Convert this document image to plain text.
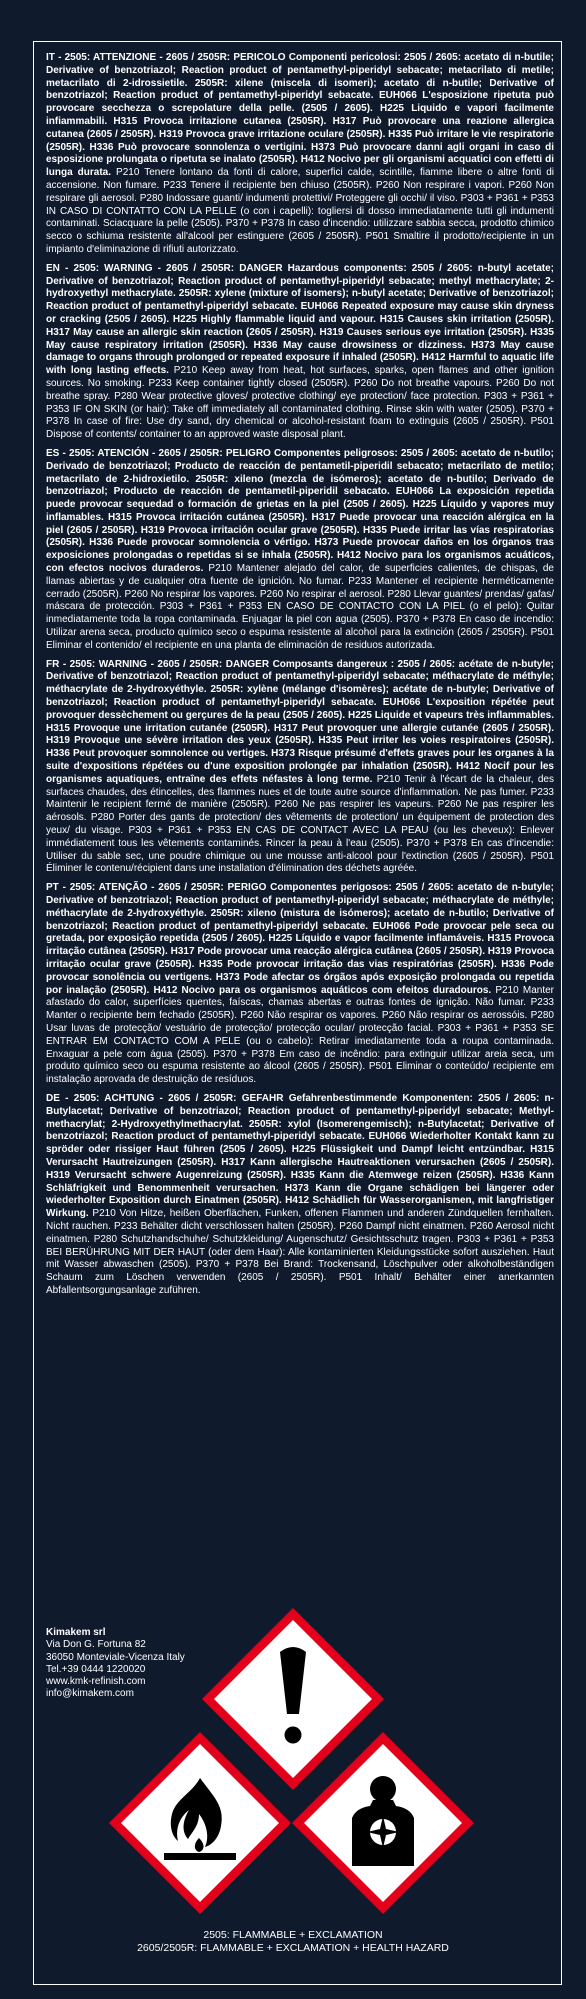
IT - 2505: ATTENZIONE - 2605 / 2505R: PERICOLO Componenti pericolosi: 2505 / 2605: acetato di n-butile; Derivative of benzotriazol; Reaction product of pentamethyl-piperidyl sebacate; metacrilato di metile; metacrilato di 2-idrossietile. 2505R: xilene (miscela di isomeri); acetato di n-butile; Derivative of benzotriazol; Reaction product of pentamethyl-piperidyl sebacate. EUH066 L'esposizione ripetuta può provocare secchezza o screpolature della pelle. (2505 / 2605). H225 Liquido e vapori facilmente infiammabili. H315 Provoca irritazione cutanea (2505R). H317 Può provocare una reazione allergica cutanea (2605 / 2505R). H319 Provoca grave irritazione oculare (2505R). H335 Può irritare le vie respiratorie (2505R). H336 Può provocare sonnolenza o vertigini. H373 Può provocare danni agli organi in caso di esposizione prolungata o ripetuta se inalato (2505R). H412 Nocivo per gli organismi acquatici con effetti di lunga durata. P210 Tenere lontano da fonti di calore, superfici calde, scintille, fiamme libere o altre fonti di accensione. Non fumare. P233 Tenere il recipiente ben chiuso (2505R). P260 Non respirare i vapori. P260 Non respirare gli aerosol. P280 Indossare guanti/ indumenti protettivi/ Proteggere gli occhi/ il viso. P303 + P361 + P353 IN CASO DI CONTATTO CON LA PELLE (o con i capelli): togliersi di dosso immediatamente tutti gli indumenti contaminati. Sciacquare la pelle (2505). P370 + P378 In caso d'incendio: utilizzare sabbia secca, prodotto chimico secco o schiuma resistente all'alcool per estinguere (2605 / 2505R). P501 Smaltire il prodotto/recipiente in un impianto d'eliminazione di rifiuti autorizzato.

EN - 2505: WARNING - 2605 / 2505R: DANGER Hazardous components: 2505 / 2605: n-butyl acetate; Derivative of benzotriazol; Reaction product of pentamethyl-piperidyl sebacate; methyl methacrylate; 2-hydroxyethyl methacrylate. 2505R: xylene (mixture of isomers); n-butyl acetate; Derivative of benzotriazol; Reaction product of pentamethyl-piperidyl sebacate. EUH066 Repeated exposure may cause skin dryness or cracking (2505 / 2605). H225 Highly flammable liquid and vapour. H315 Causes skin irritation (2505R). H317 May cause an allergic skin reaction (2605 / 2505R). H319 Causes serious eye irritation (2505R). H335 May cause respiratory irritation (2505R). H336 May cause drowsiness or dizziness. H373 May cause damage to organs through prolonged or repeated exposure if inhaled (2505R). H412 Harmful to aquatic life with long lasting effects. P210 Keep away from heat, hot surfaces, sparks, open flames and other ignition sources. No smoking. P233 Keep container tightly closed (2505R). P260 Do not breathe vapours. P260 Do not breathe spray. P280 Wear protective gloves/ protective clothing/ eye protection/ face protection. P303 + P361 + P353 IF ON SKIN (or hair): Take off immediately all contaminated clothing. Rinse skin with water (2505). P370 + P378 In case of fire: Use dry sand, dry chemical or alcohol-resistant foam to extinguis (2605 / 2505R). P501 Dispose of contents/ container to an approved waste disposal plant.

ES - 2505: ATENCIÓN - 2605 / 2505R: PELIGRO Componentes peligrosos: 2505 / 2605: acetato de n-butilo; Derivado de benzotriazol; Producto de reacción de pentametil-piperidil sebacato; metacrilato de metilo; metacrilato de 2-hidroxietilo. 2505R: xileno (mezcla de isómeros); acetato de n-butilo; Derivado de benzotriazol; Producto de reacción de pentametil-piperidil sebacato. EUH066 La exposición repetida puede provocar sequedad o formación de grietas en la piel (2505 / 2605). H225 Líquido y vapores muy inflamables. H315 Provoca irritación cutánea (2505R). H317 Puede provocar una reacción alérgica en la piel (2605 / 2505R). H319 Provoca irritación ocular grave (2505R). H335 Puede irritar las vías respiratorias (2505R). H336 Puede provocar somnolencia o vértigo. H373 Puede provocar daños en los órganos tras exposiciones prolongadas o repetidas si se inhala (2505R). H412 Nocivo para los organismos acuáticos, con efectos nocivos duraderos. P210 Mantener alejado del calor, de superficies calientes, de chispas, de llamas abiertas y de cualquier otra fuente de ignición. No fumar. P233 Mantener el recipiente herméticamente cerrado (2505R). P260 No respirar los vapores. P260 No respirar el aerosol. P280 Llevar guantes/ prendas/ gafas/ máscara de protección. P303 + P361 + P353 EN CASO DE CONTACTO CON LA PIEL (o el pelo): Quitar inmediatamente toda la ropa contaminada. Enjuagar la piel con agua (2505). P370 + P378 En caso de incendio: Utilizar arena seca, producto químico seco o espuma resistente al alcohol para la extinción (2605 / 2505R). P501 Eliminar el contenido/ el recipiente en una planta de eliminación de residuos autorizada.

FR - 2505: WARNING - 2605 / 2505R: DANGER Composants dangereux : 2505 / 2605: acétate de n-butyle; Derivative of benzotriazol; Reaction product of pentamethyl-piperidyl sebacate; méthacrylate de méthyle; méthacrylate de 2-hydroxyéthyle. 2505R: xylène (mélange d'isomères); acétate de n-butyle; Derivative of benzotriazol; Reaction product of pentamethyl-piperidyl sebacate. EUH066 L'exposition répétée peut provoquer dessèchement ou gerçures de la peau (2505 / 2605). H225 Liquide et vapeurs très inflammables. H315 Provoque une irritation cutanée (2505R). H317 Peut provoquer une allergie cutanée (2605 / 2505R). H319 Provoque une sévère irritation des yeux (2505R). H335 Peut irriter les voies respiratoires (2505R). H336 Peut provoquer somnolence ou vertiges. H373 Risque présumé d'effets graves pour les organes à la suite d'expositions répétées ou d'une exposition prolongée par inhalation (2505R). H412 Nocif pour les organismes aquatiques, entraîne des effets néfastes à long terme. P210 Tenir à l'écart de la chaleur, des surfaces chaudes, des étincelles, des flammes nues et de toute autre source d'inflammation. Ne pas fumer. P233 Maintenir le recipient fermé de manière (2505R). P260 Ne pas respirer les vapeurs. P260 Ne pas respirer les aérosols. P280 Porter des gants de protection/ des vêtements de protection/ un équipement de protection des yeux/ du visage. P303 + P361 + P353 EN CAS DE CONTACT AVEC LA PEAU (ou les cheveux): Enlever immédiatement tous les vêtements contaminés. Rincer la peau à l'eau (2505). P370 + P378 En cas d'incendie: Utiliser du sable sec, une poudre chimique ou une mousse anti-alcool pour l'extinction (2605 / 2505R). P501 Éliminer le contenu/récipient dans une installation d'élimination des déchets agréée.

PT - 2505: ATENÇÃO - 2605 / 2505R: PERIGO Componentes perigosos: 2505 / 2605: acetato de n-butyle; Derivative of benzotriazol; Reaction product of pentamethyl-piperidyl sebacate; méthacrylate de méthyle; méthacrylate de 2-hydroxyéthyle. 2505R: xileno (mistura de isómeros); acetato de n-butilo; Derivative of benzotriazol; Reaction product of pentamethyl-piperidyl sebacate. EUH066 Pode provocar pele seca ou gretada, por exposição repetida (2505 / 2605). H225 Líquido e vapor facilmente inflamáveis. H315 Provoca irritação cutânea (2505R). H317 Pode provocar uma reacção alérgica cutânea (2605 / 2505R). H319 Provoca irritação ocular grave (2505R). H335 Pode provocar irritação das vias respiratórias (2505R). H336 Pode provocar sonolência ou vertigens. H373 Pode afectar os órgãos após exposição prolongada ou repetida por inalação (2505R). H412 Nocivo para os organismos aquáticos com efeitos duradouros. P210 Manter afastado do calor, superfícies quentes, faíscas, chamas abertas e outras fontes de ignição. Não fumar. P233 Manter o recipiente bem fechado (2505R). P260 Não respirar os vapores. P260 Não respirar os aerossóis. P280 Usar luvas de protecção/ vestuário de protecção/ protecção ocular/ protecção facial. P303 + P361 + P353 SE ENTRAR EM CONTACTO COM A PELE (ou o cabelo): Retirar imediatamente toda a roupa contaminada. Enxaguar a pele com água (2505). P370 + P378 Em caso de incêndio: para extinguir utilizar areia seca, um produto químico seco ou espuma resistente ao álcool (2605 / 2505R). P501 Eliminar o conteúdo/ recipiente em instalação aprovada de destruição de resíduos.

DE - 2505: ACHTUNG - 2605 / 2505R: GEFAHR Gefahrenbestimmende Komponenten: 2505 / 2605: n-Butylacetat; Derivative of benzotriazol; Reaction product of pentamethyl-piperidyl sebacate; Methyl-methacrylat; 2-Hydroxyethylmethacrylat. 2505R: xylol (Isomerengemisch); n-Butylacetat; Derivative of benzotriazol; Reaction product of pentamethyl-piperidyl sebacate. EUH066 Wiederholter Kontakt kann zu spröder oder rissiger Haut führen (2505 / 2605). H225 Flüssigkeit und Dampf leicht entzündbar. H315 Verursacht Hautreizungen (2505R). H317 Kann allergische Hautreaktionen verursachen (2605 / 2505R). H319 Verursacht schwere Augenreizung (2505R). H335 Kann die Atemwege reizen (2505R). H336 Kann Schläfrigkeit und Benommenheit verursachen. H373 Kann die Organe schädigen bei längerer oder wiederholter Exposition durch Einatmen (2505R). H412 Schädlich für Wasserorganismen, mit langfristiger Wirkung. P210 Von Hitze, heißen Oberflächen, Funken, offenen Flammen und anderen Zündquellen fernhalten. Nicht rauchen. P233 Behälter dicht verschlossen halten (2505R). P260 Dampf nicht einatmen. P260 Aerosol nicht einatmen. P280 Schutzhandschuhe/ Schutzkleidung/ Augenschutz/ Gesichtsschutz tragen. P303 + P361 + P353 BEI BERÜHRUNG MIT DER HAUT (oder dem Haar): Alle kontaminierten Kleidungsstücke sofort ausziehen. Haut mit Wasser abwaschen (2505). P370 + P378 Bei Brand: Trockensand, Löschpulver oder alkoholbeständigen Schaum zum Löschen verwenden (2605 / 2505R). P501 Inhalt/ Behälter einer anerkannten Abfallentsorgungsanlage zuführen.

Kimakem srl
Via Don G. Fortuna 82
36050 Monteviale-Vicenza Italy
Tel.+39 0444 1220020
www.kmk-refinish.com
info@kimakem.com
2505: FLAMMABLE + EXCLAMATION
2605/2505R: FLAMMABLE + EXCLAMATION + HEALTH HAZARD
